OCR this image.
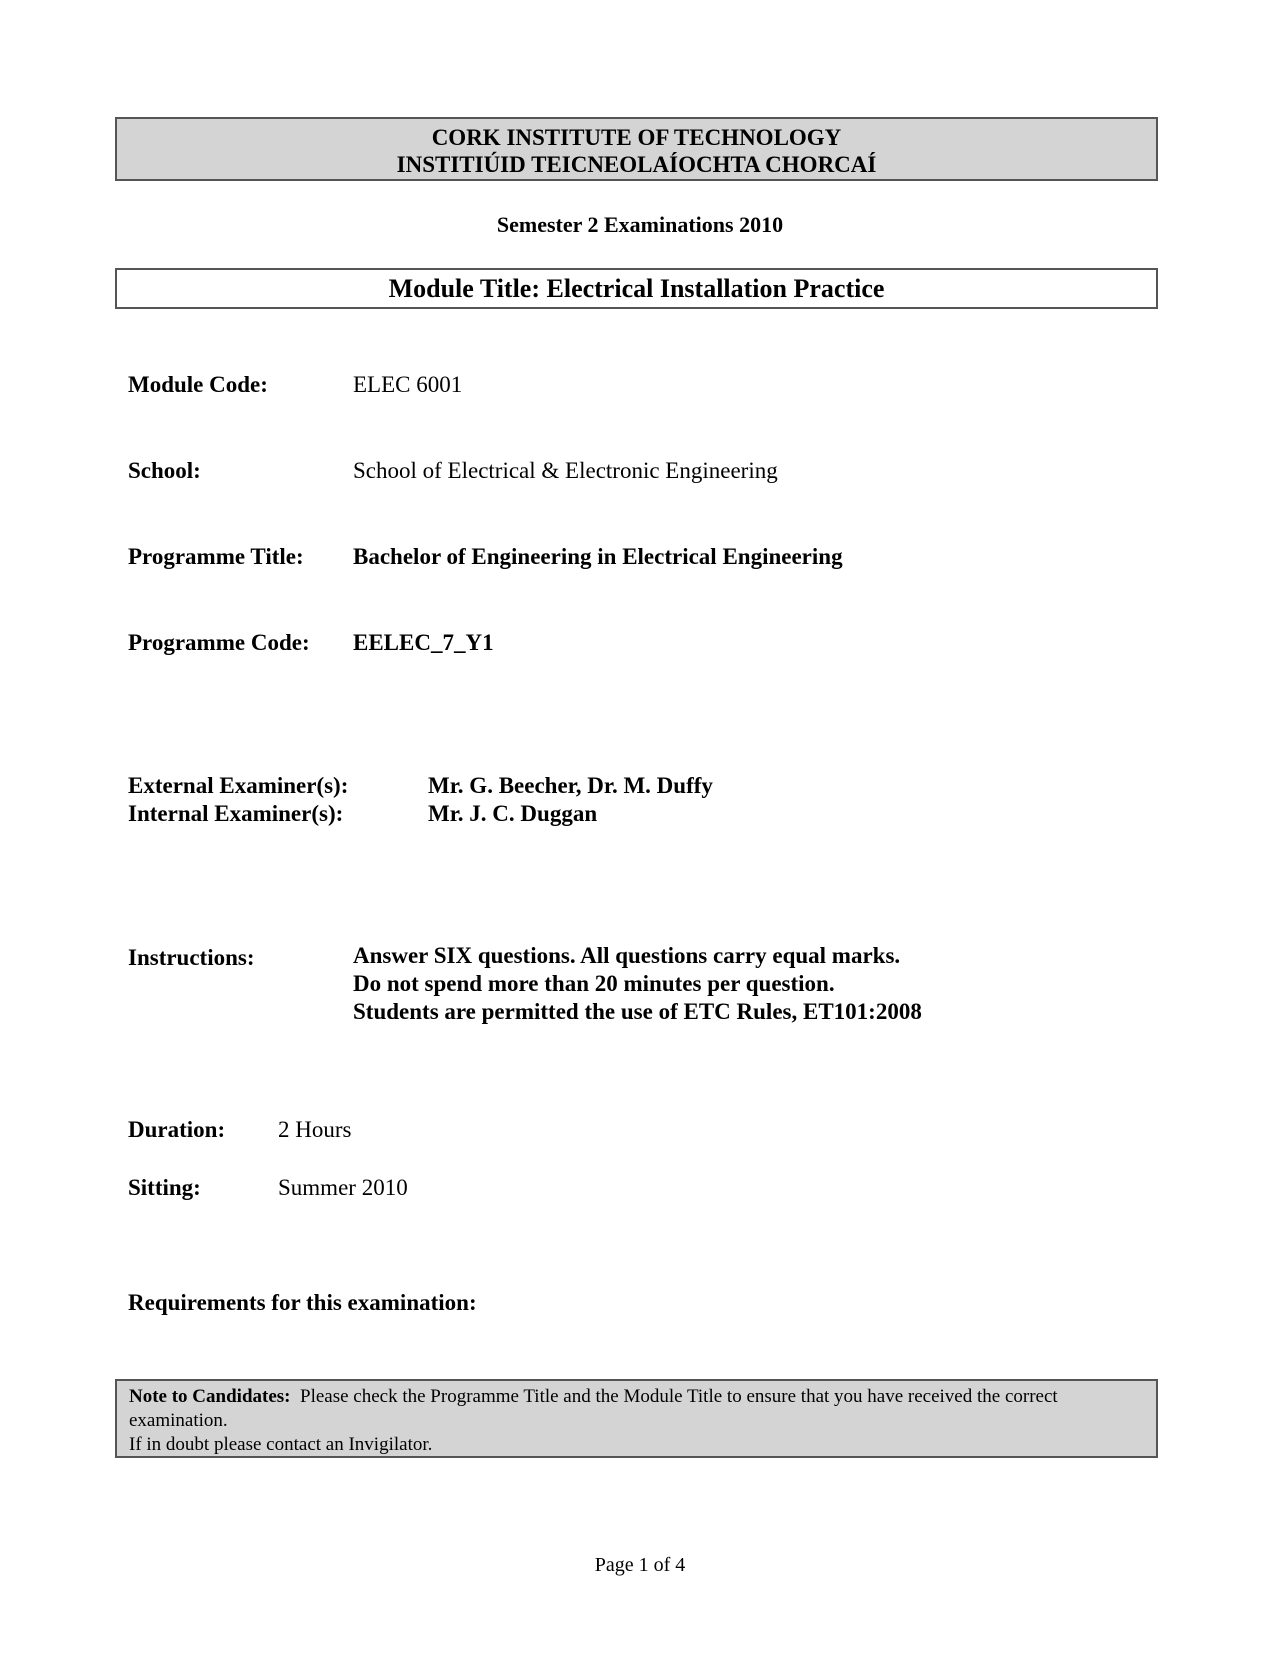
CORK INSTITUTE OF TECHNOLOGY
INSTITIÚID TEICNEOLAÍOCHTA CHORCAÍ
Semester 2 Examinations 2010
Module Title: Electrical Installation Practice
Module Code:	ELEC 6001
School:	School of Electrical & Electronic Engineering
Programme Title: Bachelor of Engineering in Electrical Engineering
Programme Code: EELEC_7_Y1
External Examiner(s):	Mr. G. Beecher, Dr. M. Duffy
Internal Examiner(s):	Mr. J. C. Duggan
Instructions:	Answer SIX questions. All questions carry equal marks.
Do not spend more than 20 minutes per question.
Students are permitted the use of ETC Rules, ET101:2008
Duration: 2 Hours
Sitting:	Summer 2010
Requirements for this examination:
Note to Candidates: Please check the Programme Title and the Module Title to ensure that you have received the correct examination.
If in doubt please contact an Invigilator.
Page 1 of 4
